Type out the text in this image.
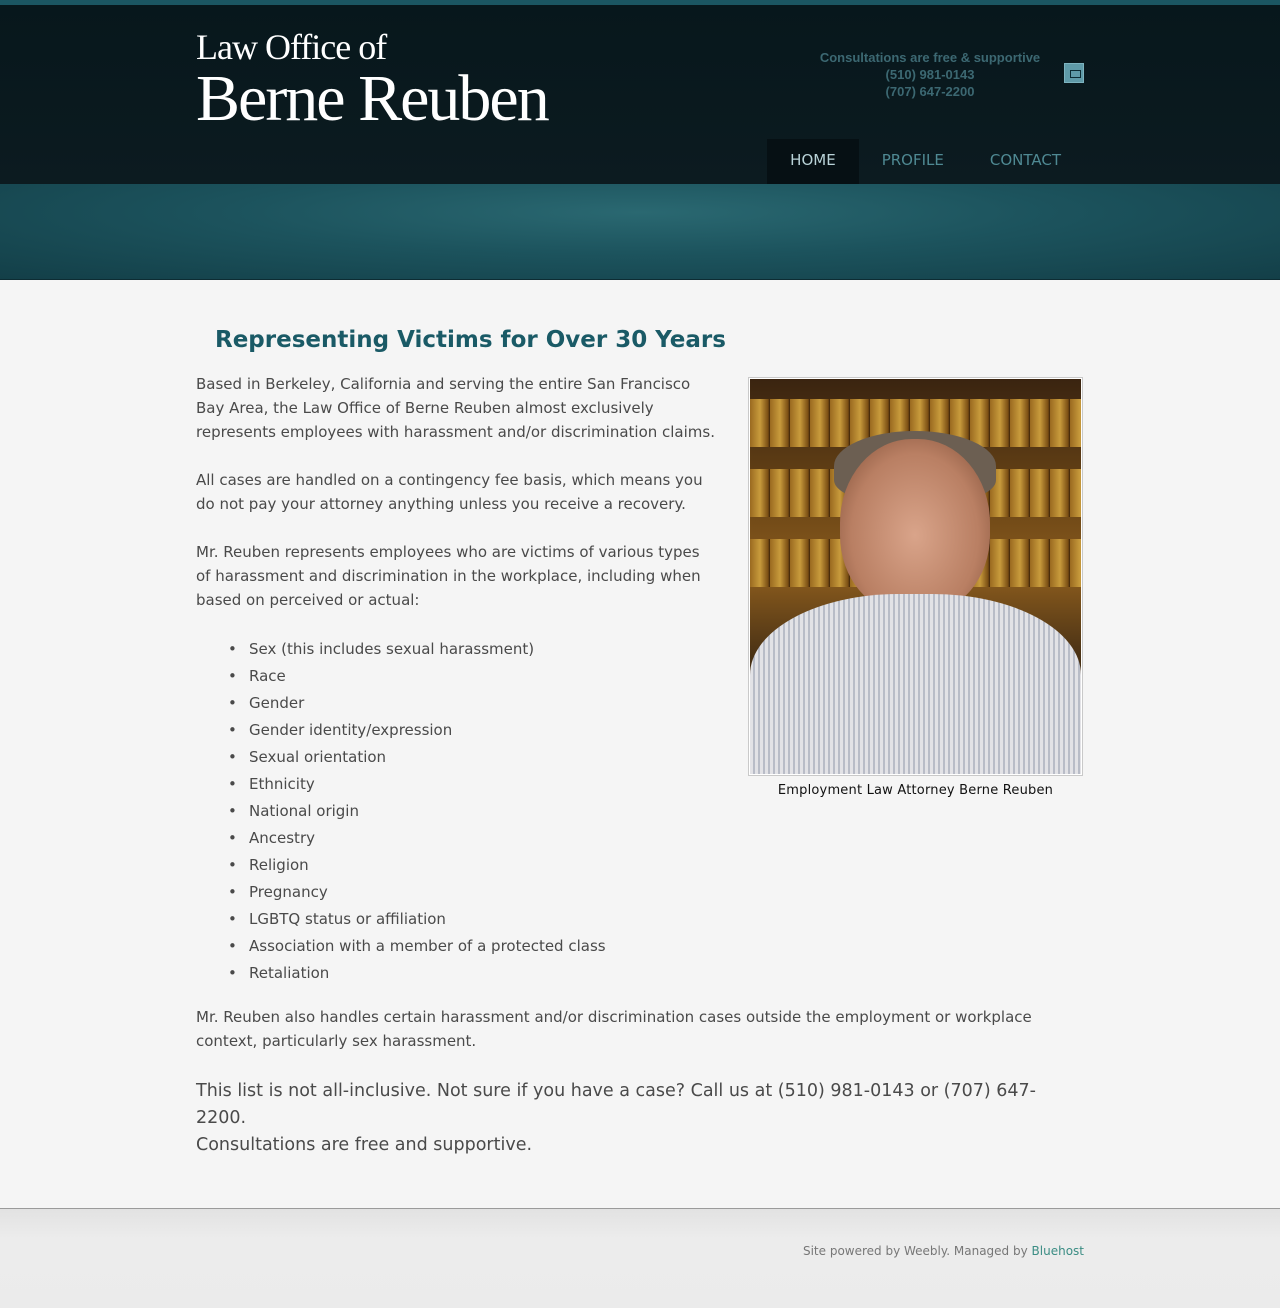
Law Office of
Berne Reuben
Consultations are free & supportive
(510) 981-0143
(707) 647-2200
HOME	PROFILE	CONTACT
Representing Victims for Over 30 Years

Based in Berkeley, California and serving the entire San Francisco Bay Area, the Law Office of Berne Reuben almost exclusively represents employees with harassment and/or discrimination claims.

All cases are handled on a contingency fee basis, which means you do not pay your attorney anything unless you receive a recovery.

Mr. Reuben represents employees who are victims of various types of harassment and discrimination in the workplace, including when based on perceived or actual:

Employment Law Attorney Berne Reuben
• Sex (this includes sexual harassment)
• Race
• Gender
• Gender identity/expression
• Sexual orientation
• Ethnicity
• National origin
• Ancestry
• Religion
• Pregnancy
• LGBTQ status or affiliation
• Association with a member of a protected class
• Retaliation

Mr. Reuben also handles certain harassment and/or discrimination cases outside the employment or workplace context, particularly sex harassment.

This list is not all-inclusive. Not sure if you have a case? Call us at (510) 981-0143 or (707) 647-2200.
Consultations are free and supportive.
Site powered by Weebly. Managed by Bluehost
